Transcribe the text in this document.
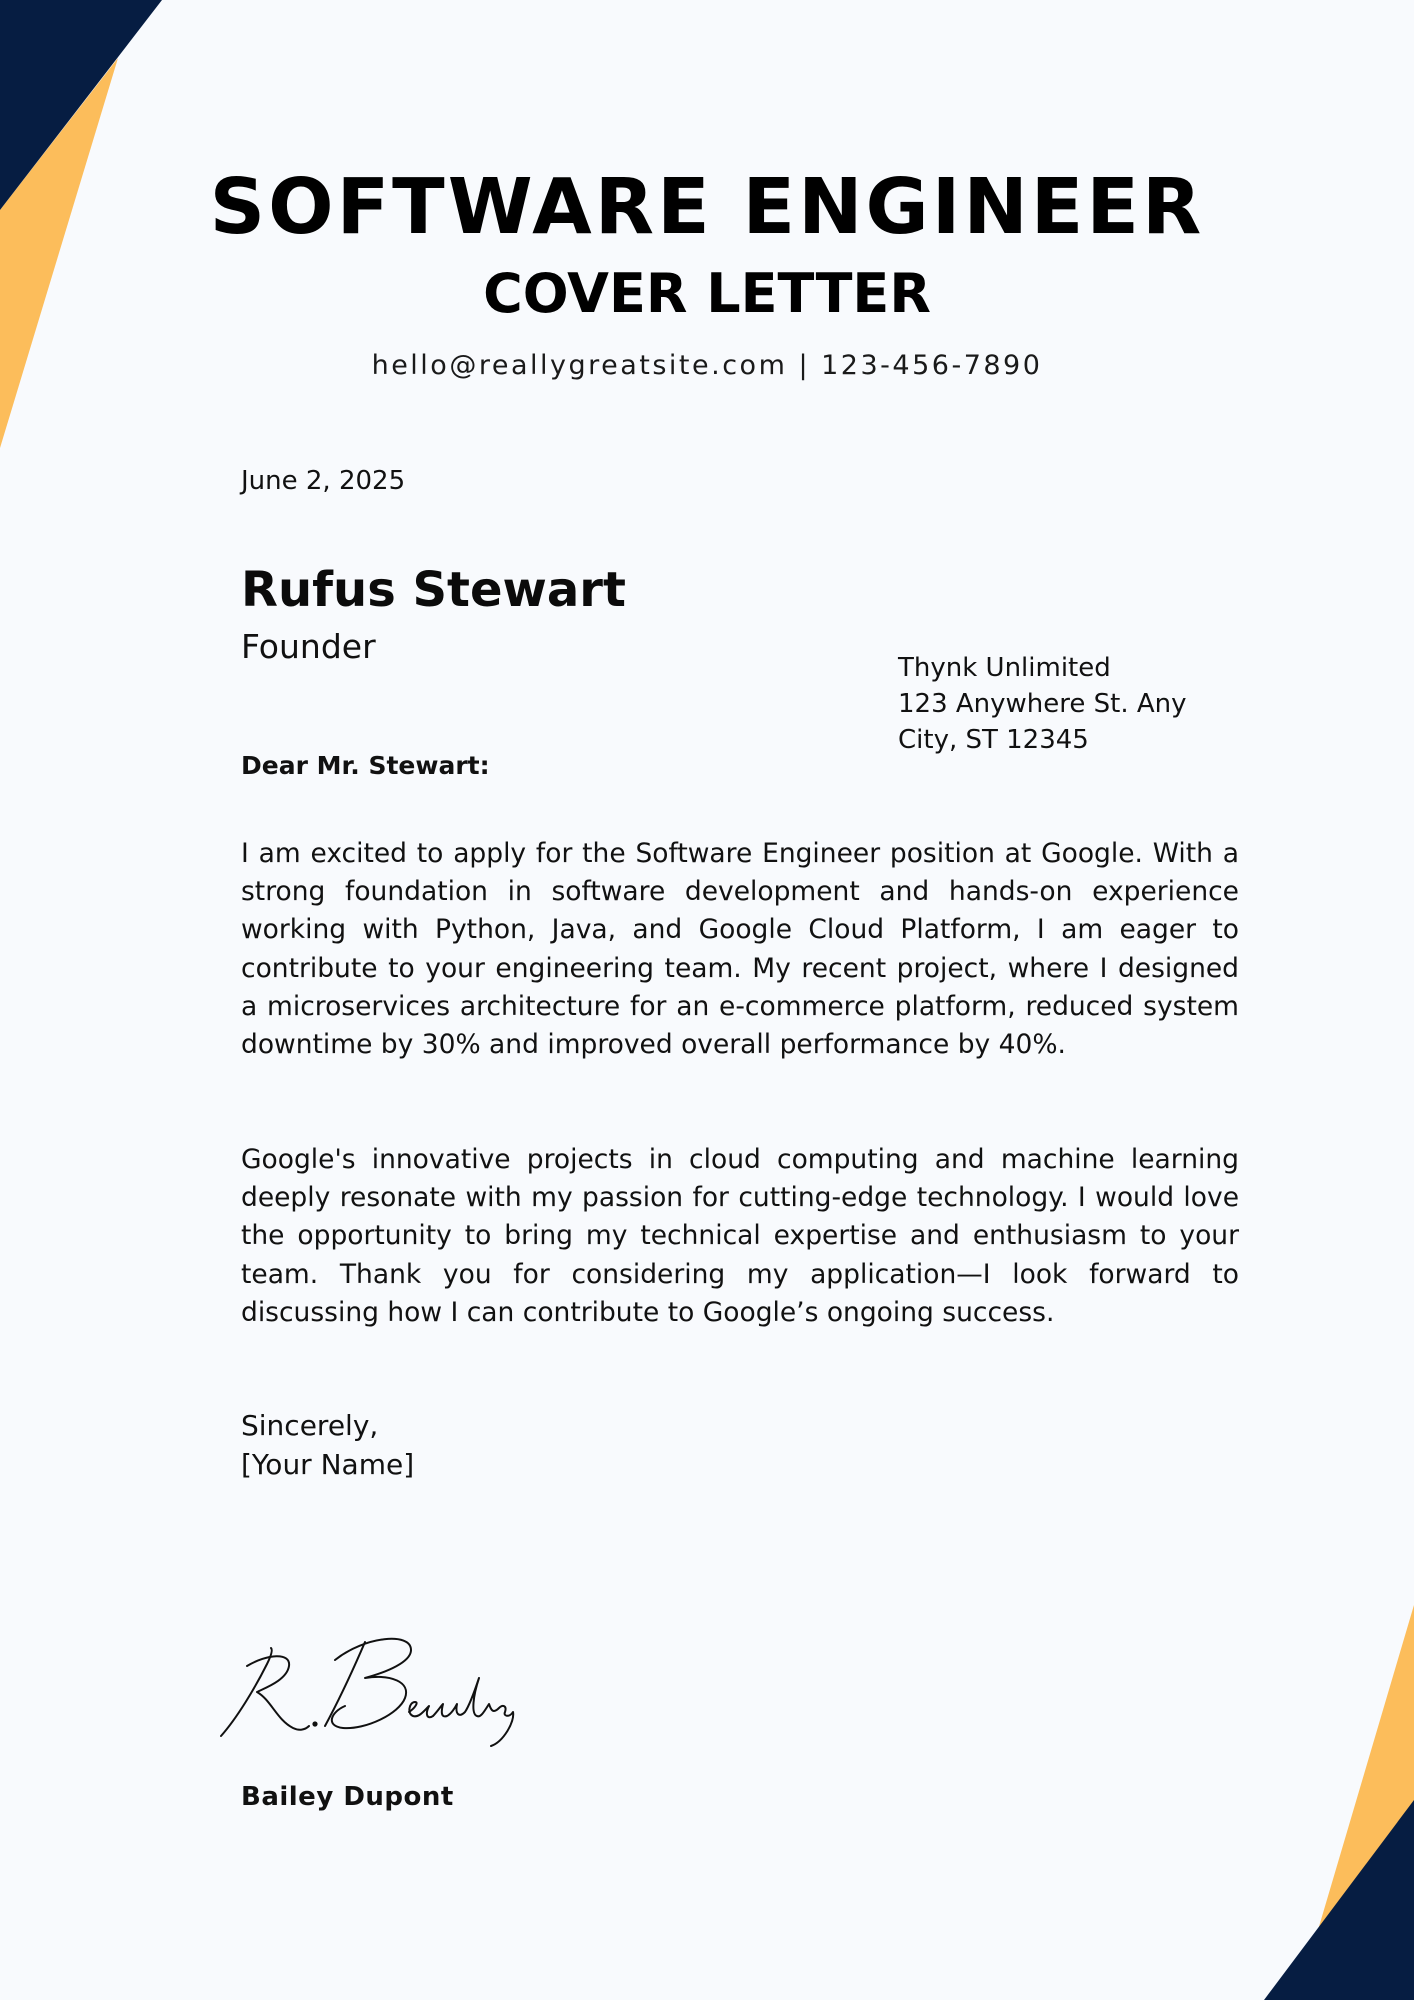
SOFTWARE ENGINEER
COVER LETTER
hello@reallygreatsite.com | 123-456-7890
June 2, 2025
Rufus Stewart
Founder
Thynk Unlimited
123 Anywhere St. Any
City, ST 12345
Dear Mr. Stewart:

I am excited to apply for the Software Engineer position at Google. With a strong foundation in software development and hands-on experience working with Python, Java, and Google Cloud Platform, I am eager to contribute to your engineering team. My recent project, where I designed a microservices architecture for an e-commerce platform, reduced system downtime by 30% and improved overall performance by 40%.

Google's innovative projects in cloud computing and machine learning deeply resonate with my passion for cutting-edge technology. I would love the opportunity to bring my technical expertise and enthusiasm to your team. Thank you for considering my application—I look forward to discussing how I can contribute to Google’s ongoing success.

Sincerely,
[Your Name]
Bailey Dupont
